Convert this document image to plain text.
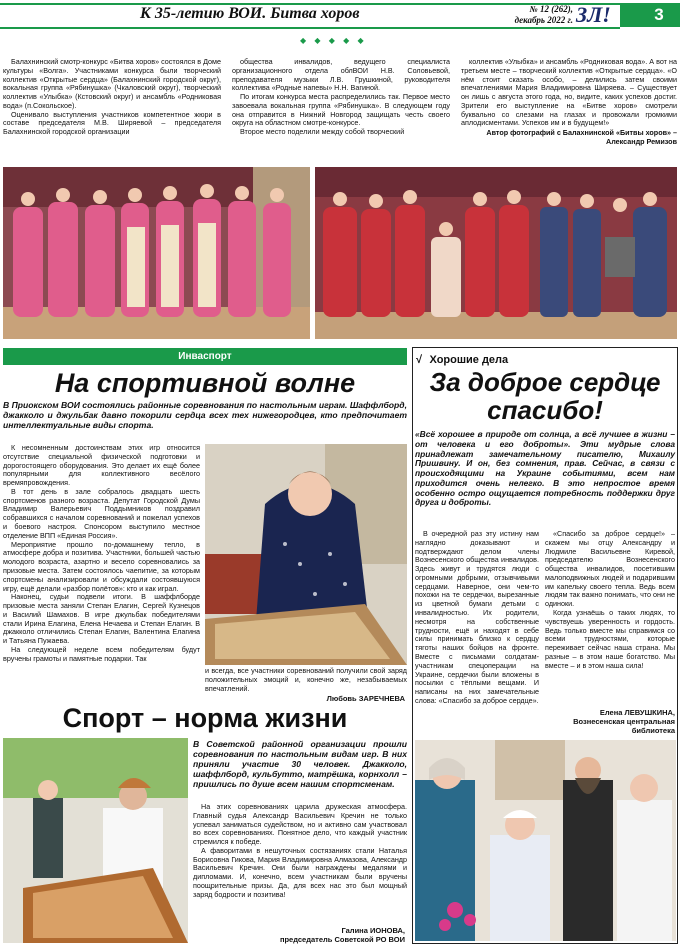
К 35-летию ВОИ. Битва хоров	№ 12 (262),
декабрь 2022 г. ЗЛ!	3
◆ ◆ ◆ ◆ ◆

Балахнинский смотр-конкурс «Битва хоров» состоялся в Доме культуры «Волга». Участниками конкурса были творческий коллектив «Открытые сердца» (Балахнинский городской округ), вокальная группа «Рябинушка» (Чкаловский округ), творческий коллектив «Улыбка» (Кстовский округ) и ансамбль «Родниковая вода» (п.Сокольское).

Оценивало выступления участников компетентное жюри в составе председателя М.В. Ширяевой – председателя Балахнинской городской организации

общества инвалидов, ведущего специалиста организационного отдела облВОИ Н.В. Соловьевой, преподавателя музыки Л.В. Грушкиной, руководителя коллектива «Родные напевы» Н.Н. Вагиной.

По итогам конкурса места распределились так. Первое место завоевала вокальная группа «Рябинушка». В следующем году она отправится в Нижний Новгород защищать честь своего округа на областном смотре-конкурсе.

Второе место поделили между собой творческий

коллектив «Улыбка» и ансамбль «Родниковая вода». А вот на третьем месте – творческий коллектив «Открытые сердца». «О нём стоит сказать особо, – делились затем своими впечатлениями Мария Владимировна Ширяева. – Существует он лишь с августа этого года, но, видите, каких успехов достиг. Зрители его выступление на «Битве хоров» смотрели буквально со слезами на глазах и провожали громкими аплодисментами. Успехов им и в будущем!»

Автор фотографий с Балахнинской «Битвы хоров» – Александр Ремизов

Инваспорт
На спортивной волне
В Приокском ВОИ состоялись районные соревнования по настольным играм. Шаффлборд, джакколо и джульбак давно покорили сердца всех тех нижегородцев, кто предпочитает интеллектуальные виды спорта.

К несомненным достоинствам этих игр относится отсутствие специальной физической подготовки и дорогостоящего оборудования. Это делает их ещё более популярными для коллективного весёлого времяпровождения.

В тот день в зале собралось двадцать шесть спортсменов разного возраста. Депутат Городской Думы Владимир Валерьевич Поддымников поздравил собравшихся с началом соревнований и пожелал успехов и боевого настроя. Спонсором выступило местное отделение ВПП «Единая Россия».

Мероприятие прошло по-домашнему тепло, в атмосфере добра и позитива. Участники, большей частью молодого возраста, азартно и весело соревновались за призовые места. Затем состоялось чаепитие, за которым спортсмены анализировали и обсуждали состоявшуюся игру, ещё делали «разбор полётов»: кто и как играл.

Наконец, судьи подвели итоги. В шаффлборде призовые места заняли Степан Елагин, Сергей Кузнецов и Василий Шамахов. В игре джульбак победителями стали Ирина Елагина, Елена Нечаева и Степан Елагин. В джакколо отличились Степан Елагин, Валентина Елагина и Татьяна Пужаева.

На следующей неделе всем победителям будут вручены грамоты и памятные подарки. Так

и всегда, все участники соревнований получили свой заряд положительных эмоций и, конечно же, незабываемых впечатлений.
Любовь ЗАРЕЧНЕВА
Спорт – норма жизни
В Советской районной организации прошли соревнования по настольным видам игр. В них приняли участие 30 человек. Джакколо, шаффлборд, кульбутто, матрёшка, корнхолл – пришлись по душе всем нашим спортсменам.

На этих соревнованиях царила дружеская атмосфера. Главный судья Александр Васильевич Кречин не только успевал заниматься судейством, но и активно сам участвовал во всех соревнованиях. Понятное дело, что каждый участник стремился к победе.

А фаворитами в нешуточных состязаниях стали Наталья Борисовна Гикова, Мария Владимировна Алмазова, Александр Васильевич Кречин. Они были награждены медалями и дипломами. И, конечно, всем участникам были вручены поощрительные призы. Да, для всех нас это был мощный заряд бодрости и позитива!

Галина ИОНОВА,
председатель Советской РО ВОИ
√ Хорошие дела
За доброе сердце спасибо!
«Всё хорошее в природе от солнца, а всё лучшее в жизни – от человека и его доброты». Эти мудрые слова принадлежат замечательному писателю, Михаилу Пришвину. И он, без сомнения, прав. Сейчас, в связи с происходящими на Украине событиями, всем нам приходится очень нелегко. В это непростое время особенно остро ощущается потребность поддержки друг друга и доброты.

В очередной раз эту истину нам наглядно доказывают и подтверждают делом члены Вознесенского общества инвалидов. Здесь живут и трудятся люди с огромными добрыми, отзывчивыми сердцами. Наверное, они чем-то похожи на те сердечки, вырезанные из цветной бумаги детьми с инвалидностью. Их родители, несмотря на собственные трудности, ещё и находят в себе силы принимать близко к сердцу тяготы наших бойцов на фронте. Вместе с письмами солдатам-участникам спецоперации на Украине, сердечки были вложены в посылки с тёплыми вещами. И написаны на них замечательные слова: «Спасибо за доброе сердце».

«Спасибо за доброе сердце!» – скажем мы отцу Александру и Людмиле Васильевне Киревой, председателю Вознесенского общества инвалидов, посетившим малоподвижных людей и подарившим им капельку своего тепла. Ведь всем людям так важно понимать, что они не одиноки.

Когда узнаёшь о таких людях, то чувствуешь уверенность и гордость. Ведь только вместе мы справимся со всеми трудностями, которые переживает сейчас наша страна. Мы разные – в этом наше богатство. Мы вместе – и в этом наша сила!

Елена ЛЕВУШКИНА,
Вознесенская центральная библиотека
